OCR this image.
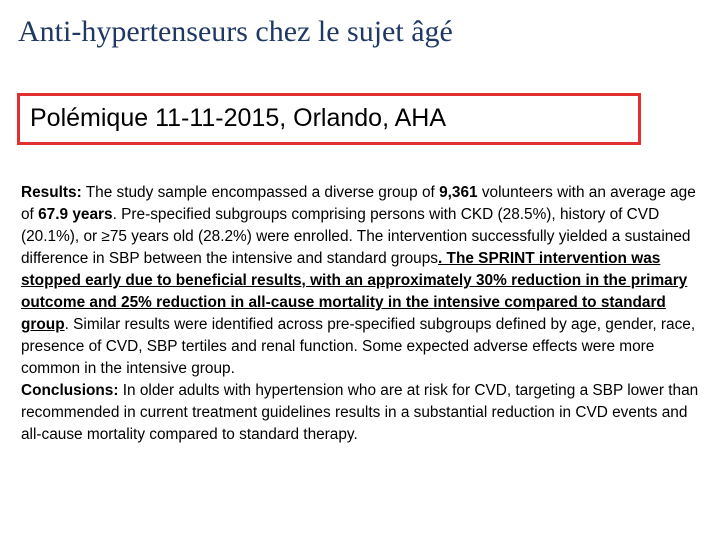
Anti-hypertenseurs chez le sujet âgé
Polémique 11-11-2015, Orlando, AHA

Results: The study sample encompassed a diverse group of 9,361 volunteers with an average age of 67.9 years. Pre-specified subgroups comprising persons with CKD (28.5%), history of CVD (20.1%), or ≥75 years old (28.2%) were enrolled. The intervention successfully yielded a sustained difference in SBP between the intensive and standard groups. The SPRINT intervention was stopped early due to beneficial results, with an approximately 30% reduction in the primary outcome and 25% reduction in all-cause mortality in the intensive compared to standard group. Similar results were identified across pre-specified subgroups defined by age, gender, race, presence of CVD, SBP tertiles and renal function. Some expected adverse effects were more common in the intensive group.

Conclusions: In older adults with hypertension who are at risk for CVD, targeting a SBP lower than recommended in current treatment guidelines results in a substantial reduction in CVD events and all-cause mortality compared to standard therapy.
